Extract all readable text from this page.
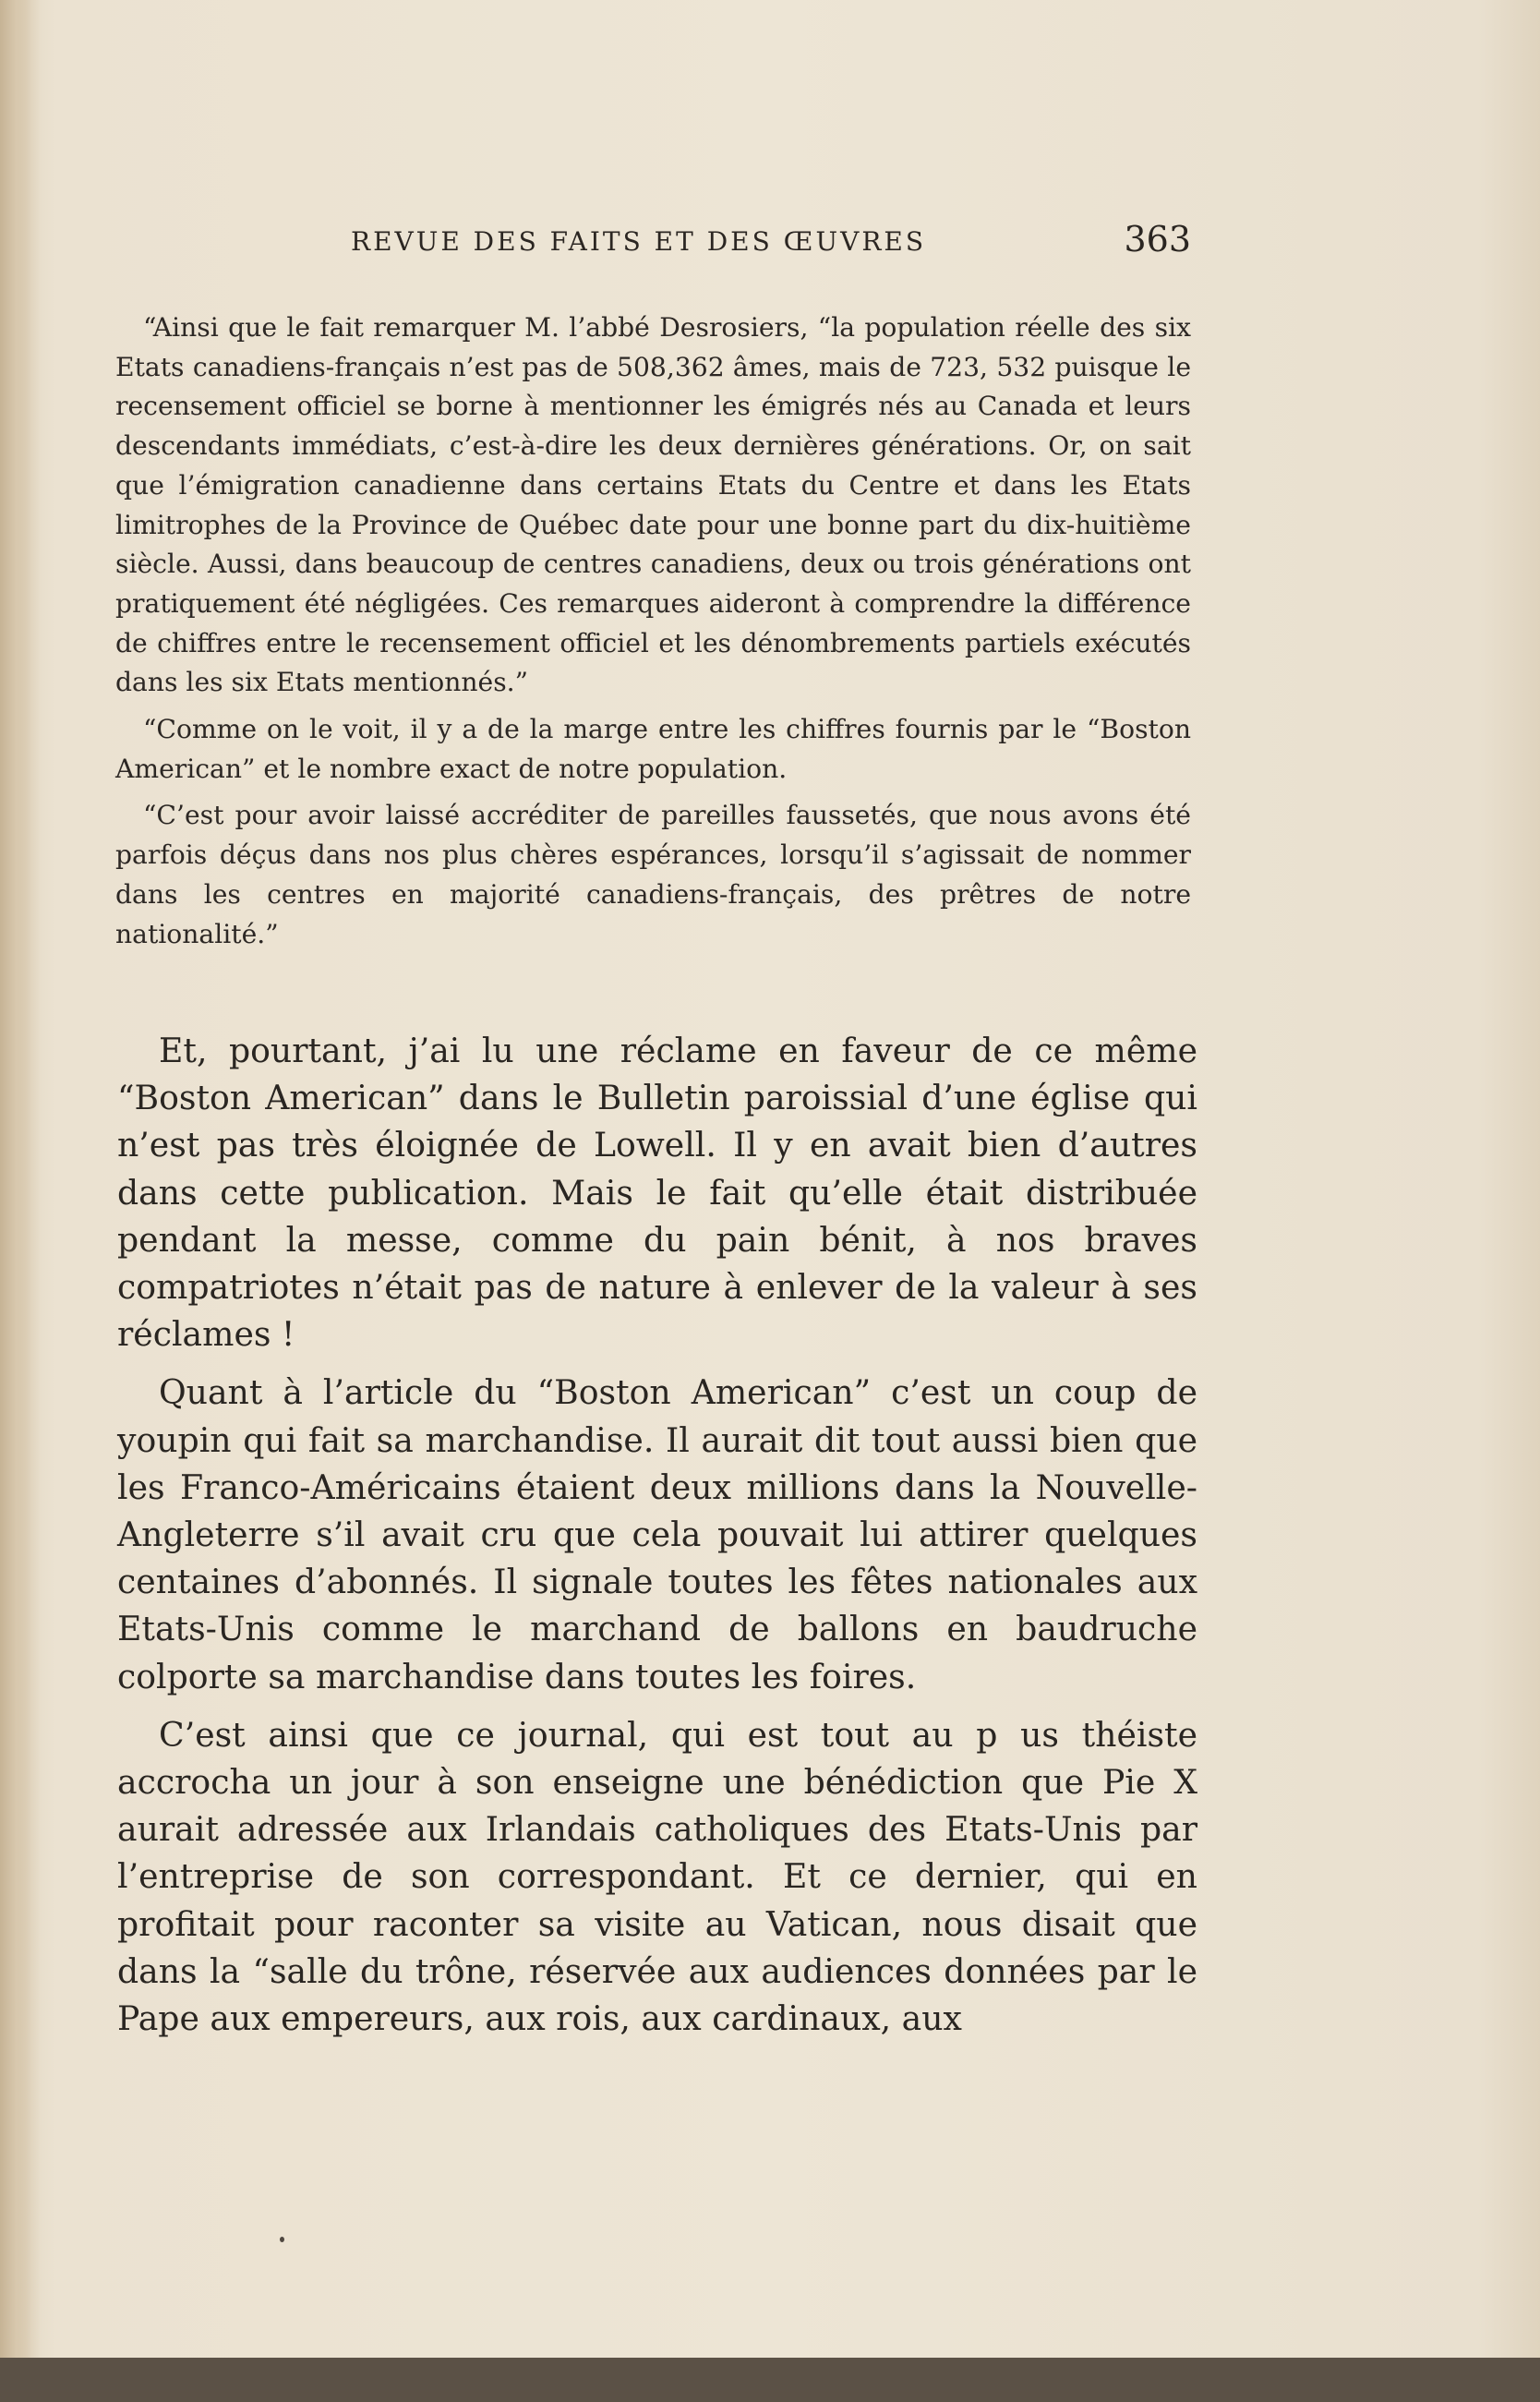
REVUE DES FAITS ET DES ŒUVRES	363

“Ainsi que le fait remarquer M. l’abbé Desrosiers, “la population réelle des six Etats canadiens-français n’est pas de 508,362 âmes, mais de 723, 532 puisque le recensement officiel se borne à mentionner les émigrés nés au Canada et leurs descendants immédiats, c’est-à-dire les deux dernières générations. Or, on sait que l’émigration canadienne dans certains Etats du Centre et dans les Etats limitrophes de la Province de Québec date pour une bonne part du dix-huitième siècle. Aussi, dans beaucoup de centres canadiens, deux ou trois générations ont pratiquement été négligées. Ces remarques aideront à comprendre la différence de chiffres entre le recensement officiel et les dénombrements partiels exécutés dans les six Etats mentionnés.”

“Comme on le voit, il y a de la marge entre les chiffres fournis par le “Boston American” et le nombre exact de notre population.

“C’est pour avoir laissé accréditer de pareilles faussetés, que nous avons été parfois déçus dans nos plus chères espérances, lorsqu’il s’agissait de nommer dans les centres en majorité canadiens-français, des prêtres de notre nationalité.”

Et, pourtant, j’ai lu une réclame en faveur de ce même “Boston American” dans le Bulletin paroissial d’une église qui n’est pas très éloignée de Lowell. Il y en avait bien d’autres dans cette publication. Mais le fait qu’elle était distribuée pendant la messe, comme du pain bénit, à nos braves compatriotes n’était pas de nature à enlever de la valeur à ses réclames !

Quant à l’article du “Boston American” c’est un coup de youpin qui fait sa marchandise. Il aurait dit tout aussi bien que les Franco-Américains étaient deux millions dans la Nouvelle-Angleterre s’il avait cru que cela pouvait lui attirer quelques centaines d’abonnés. Il signale toutes les fêtes nationales aux Etats-Unis comme le marchand de ballons en baudruche colporte sa marchandise dans toutes les foires.

C’est ainsi que ce journal, qui est tout au p us théiste accrocha un jour à son enseigne une bénédiction que Pie X aurait adressée aux Irlandais catholiques des Etats-Unis par l’entreprise de son correspondant. Et ce dernier, qui en profitait pour raconter sa visite au Vatican, nous disait que dans la “salle du trône, réservée aux audiences données par le Pape aux empereurs, aux rois, aux cardinaux, aux
